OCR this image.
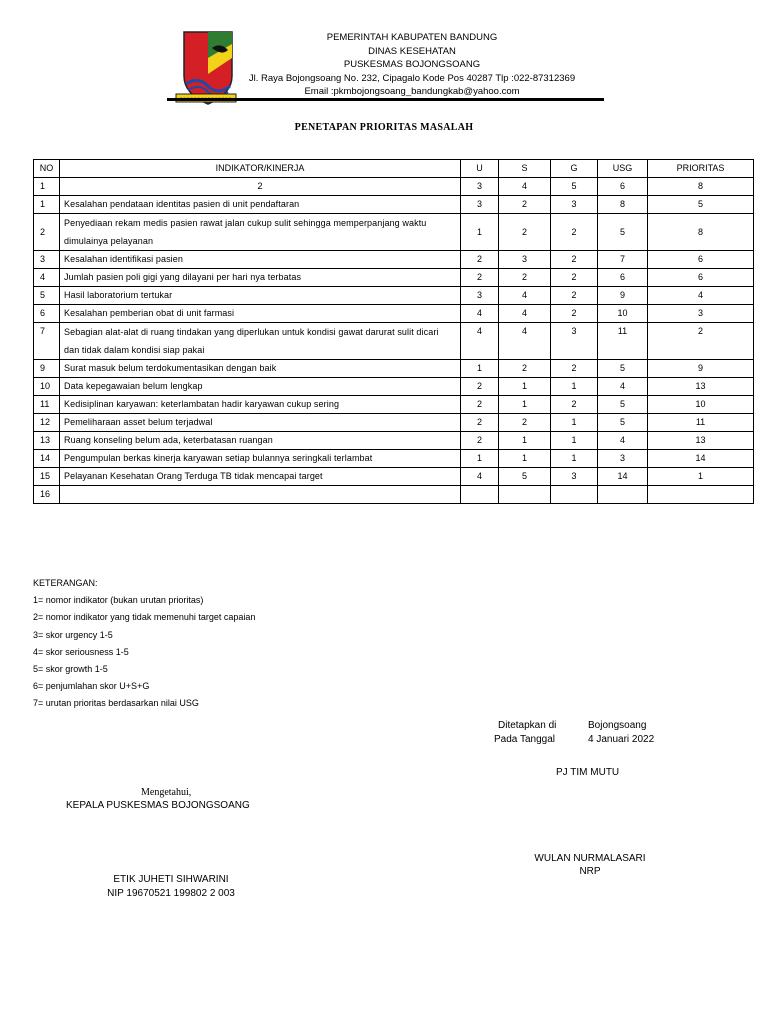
PEMERINTAH KABUPATEN BANDUNG
DINAS KESEHATAN
PUSKESMAS BOJONGSOANG
Jl. Raya Bojongsoang No. 232, Cipagalo Kode Pos 40287 Tlp :022-87312369
Email :pkmbojongsoang_bandungkab@yahoo.com
PENETAPAN PRIORITAS MASALAH
NO	INDIKATOR/KINERJA	U	S	G	USG	PRIORITAS
1	2	3	4	5	6	8
1	Kesalahan pendataan identitas pasien di unit pendaftaran	3	2	3	8	5
2	Penyediaan rekam medis pasien rawat jalan cukup sulit sehingga memperpanjang waktu dimulainya pelayanan	1	2	2	5	8
3	Kesalahan identifikasi pasien	2	3	2	7	6
4	Jumlah pasien poli gigi yang dilayani per hari nya terbatas	2	2	2	6	6
5	Hasil laboratorium tertukar	3	4	2	9	4
6	Kesalahan pemberian obat di unit farmasi	4	4	2	10	3
7	Sebagian alat-alat di ruang tindakan yang diperlukan untuk kondisi gawat darurat sulit dicari dan tidak dalam kondisi siap pakai	4	4	3	11	2
9	Surat masuk belum terdokumentasikan dengan baik	1	2	2	5	9
10	Data kepegawaian belum lengkap	2	1	1	4	13
11	Kedisiplinan karyawan: keterlambatan hadir karyawan cukup sering	2	1	2	5	10
12	Pemeliharaan asset belum terjadwal	2	2	1	5	11
13	Ruang konseling belum ada, keterbatasan ruangan	2	1	1	4	13
14	Pengumpulan berkas kinerja karyawan setiap bulannya seringkali terlambat	1	1	1	3	14
15	Pelayanan Kesehatan Orang Terduga TB tidak mencapai target	4	5	3	14	1
16						
KETERANGAN:
1= nomor indikator (bukan urutan prioritas)
2= nomor indikator yang tidak memenuhi target capaian
3= skor urgency 1-5
4= skor seriousness 1-5
5= skor growth 1-5
6= penjumlahan skor U+S+G
7= urutan prioritas berdasarkan nilai USG
Ditetapkan di	Bojongsoang
Pada Tanggal	4 Januari 2022
PJ TIM MUTU
Mengetahui,
KEPALA PUSKESMAS BOJONGSOANG
WULAN NURMALASARI
NRP
ETIK JUHETI SIHWARINI
NIP 19670521 199802 2 003
